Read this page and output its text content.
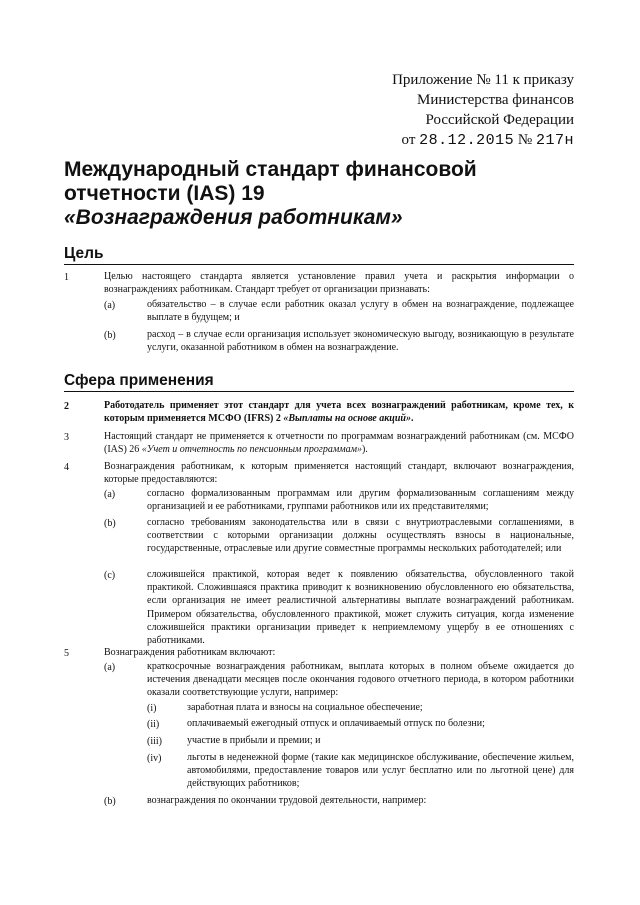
Приложение № 11 к приказу
Министерства финансов
Российской Федерации
от 28.12.2015 № 217н
Международный стандарт финансовой
отчетности (IAS) 19
«Вознаграждения работникам»
Цель
1	Целью настоящего стандарта является установление правил учета и раскрытия информации о вознаграждениях работникам. Стандарт требует от организации признавать:
(a)	обязательство – в случае если работник оказал услугу в обмен на вознаграждение, подлежащее выплате в будущем; и
(b)	расход – в случае если организация использует экономическую выгоду, возникающую в результате услуги, оказанной работником в обмен на вознаграждение.
Сфера применения
2	Работодатель применяет этот стандарт для учета всех вознаграждений работникам, кроме тех, к которым применяется МСФО (IFRS) 2 «Выплаты на основе акций».
3	Настоящий стандарт не применяется к отчетности по программам вознаграждений работникам (см. МСФО (IAS) 26 «Учет и отчетность по пенсионным программам»).
4	Вознаграждения работникам, к которым применяется настоящий стандарт, включают вознаграждения, которые предоставляются:
(a)	согласно формализованным программам или другим формализованным соглашениям между организацией и ее работниками, группами работников или их представителями;
(b)	согласно требованиям законодательства или в связи с внутриотраслевыми соглашениями, в соответствии с которыми организации должны осуществлять взносы в национальные, государственные, отраслевые или другие совместные программы нескольких работодателей; или
(c)	сложившейся практикой, которая ведет к появлению обязательства, обусловленного такой практикой. Сложившаяся практика приводит к возникновению обусловленного ею обязательства, если организация не имеет реалистичной альтернативы выплате вознаграждений работникам. Примером обязательства, обусловленного практикой, может служить ситуация, когда изменение сложившейся практики организации приведет к неприемлемому ущербу в ее отношениях с работниками.
5	Вознаграждения работникам включают:
(a)	краткосрочные вознаграждения работникам, выплата которых в полном объеме ожидается до истечения двенадцати месяцев после окончания годового отчетного периода, в котором работники оказали соответствующие услуги, например:
(i)	заработная плата и взносы на социальное обеспечение;
(ii)	оплачиваемый ежегодный отпуск и оплачиваемый отпуск по болезни;
(iii)	участие в прибыли и премии; и
(iv)	льготы в неденежной форме (такие как медицинское обслуживание, обеспечение жильем, автомобилями, предоставление товаров или услуг бесплатно или по льготной цене) для действующих работников;
(b)	вознаграждения по окончании трудовой деятельности, например:
